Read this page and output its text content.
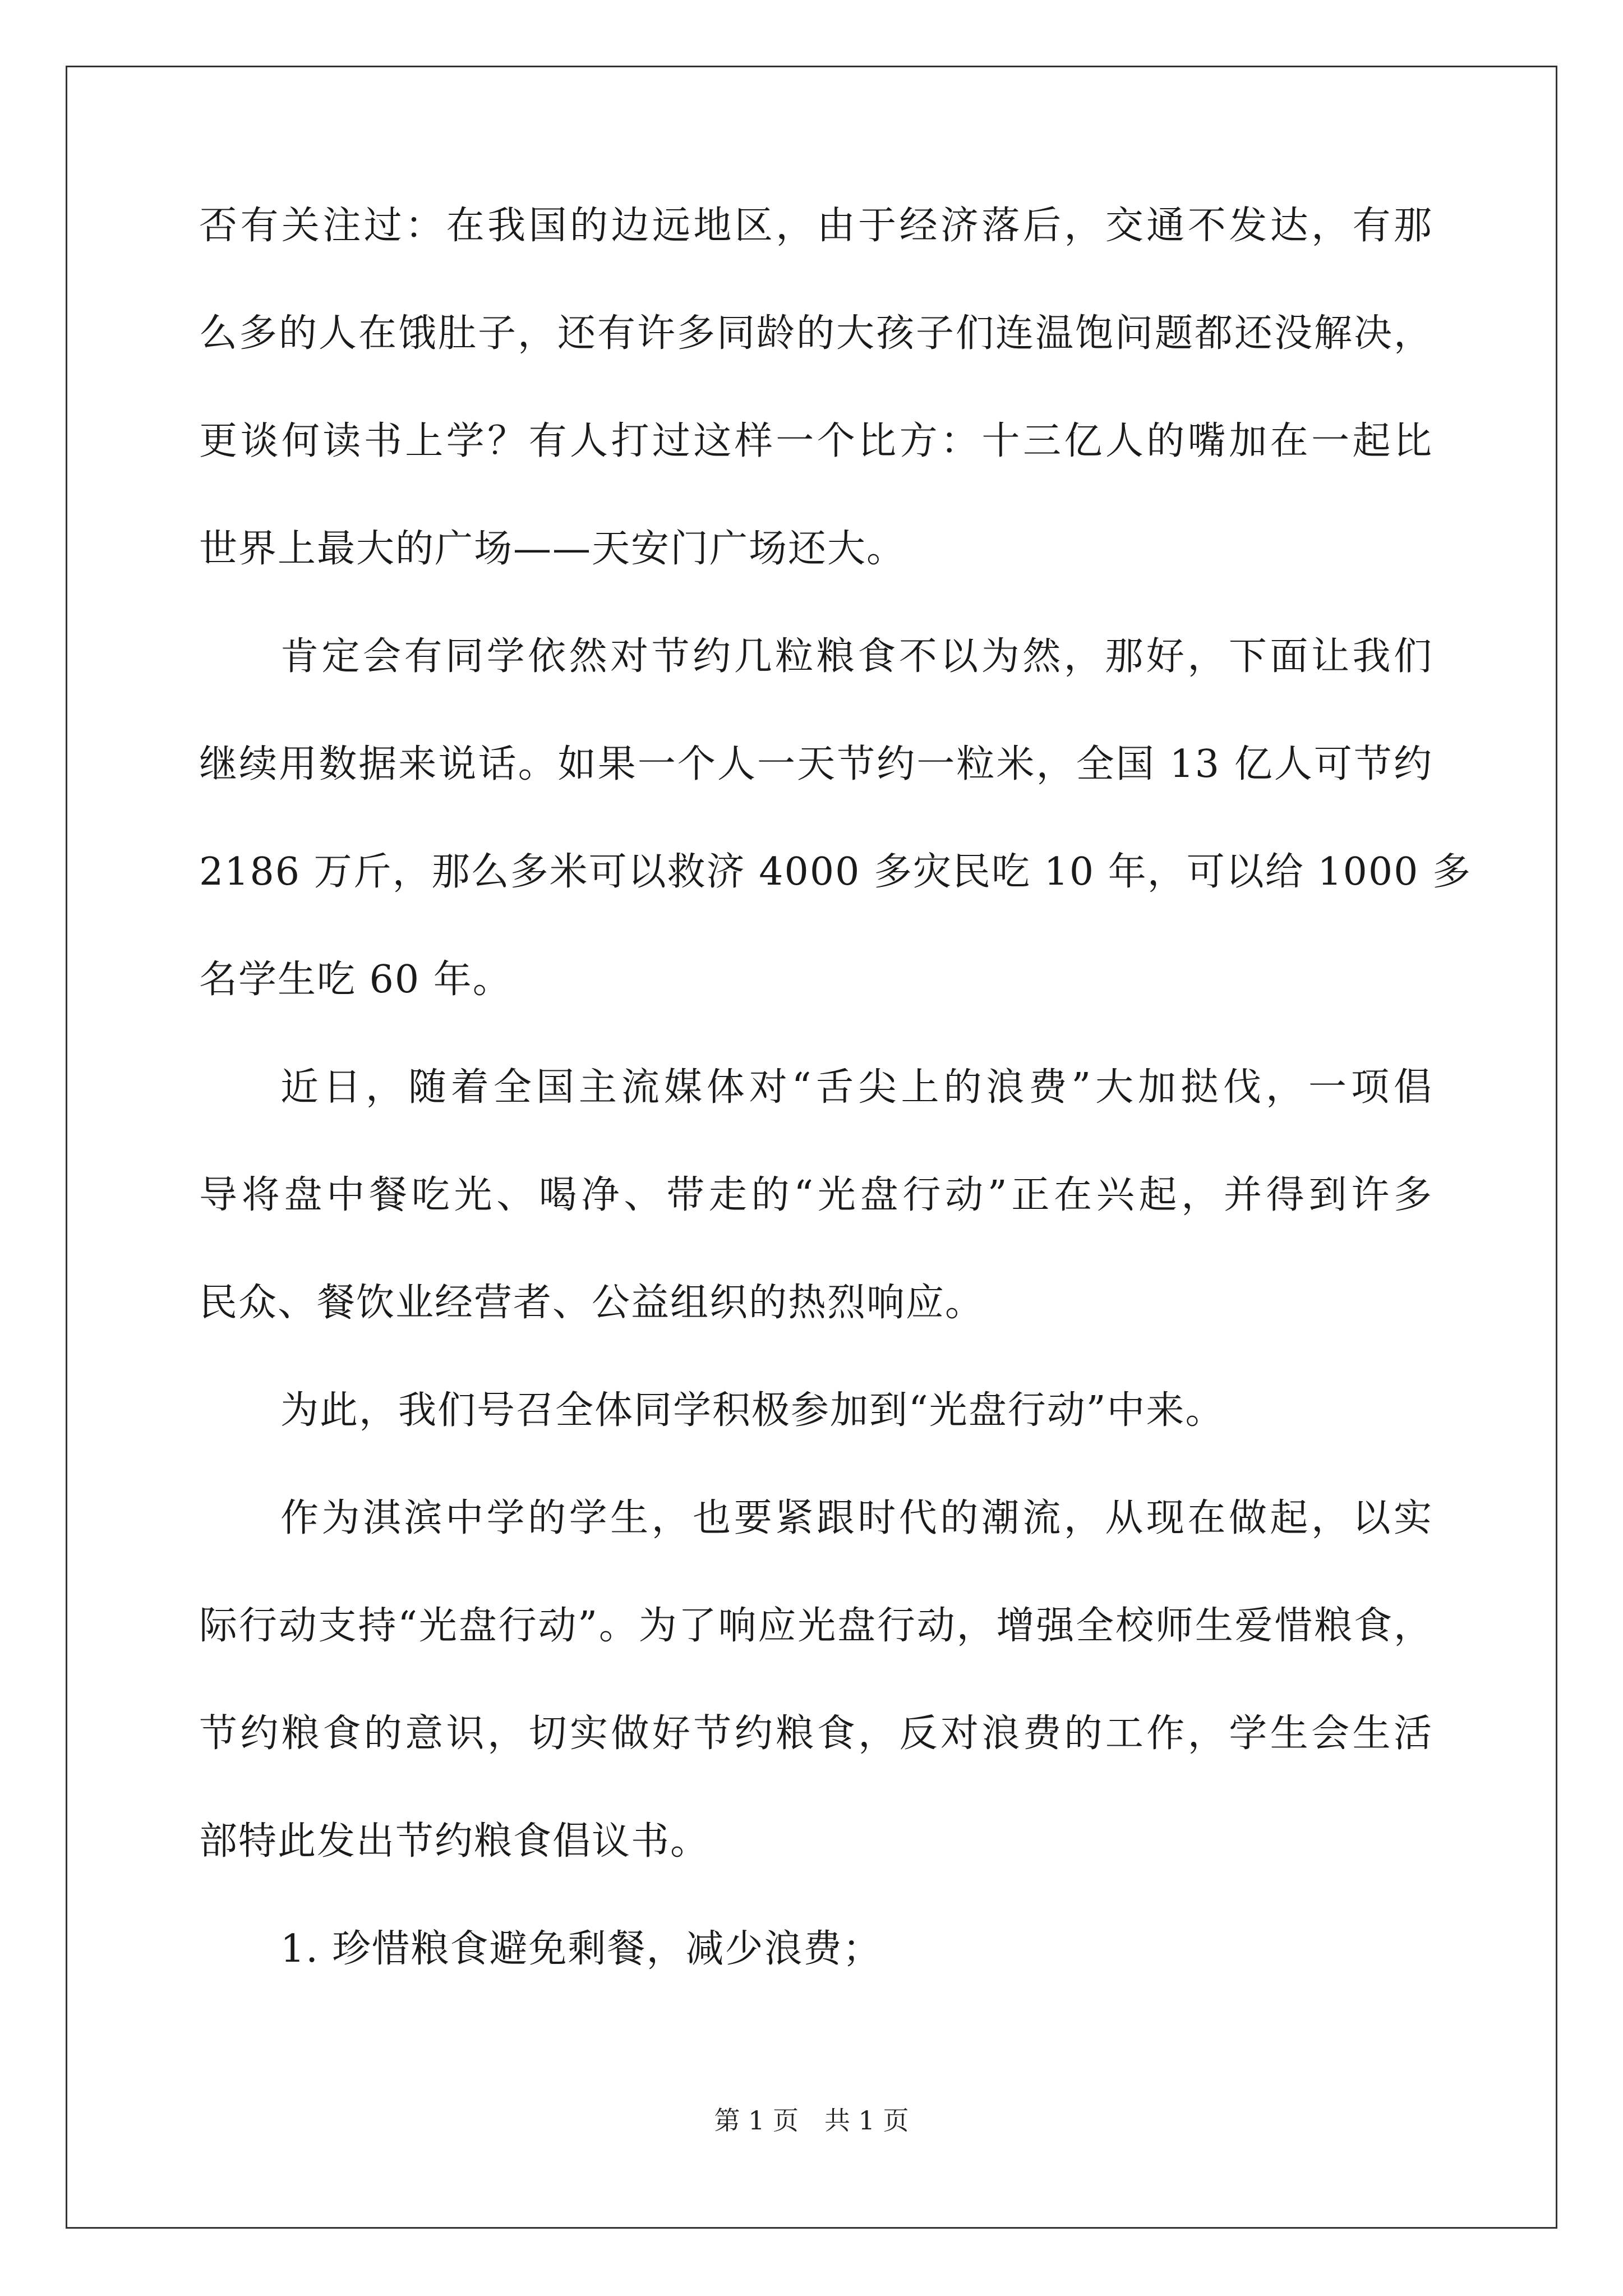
否有关注过：在我国的边远地区，由于经济落后，交通不发达，有那
么多的人在饿肚子，还有许多同龄的大孩子们连温饱问题都还没解决，
更谈何读书上学？有人打过这样一个比方：十三亿人的嘴加在一起比
世界上最大的广场——天安门广场还大。
肯定会有同学依然对节约几粒粮食不以为然，那好，下面让我们
继续用数据来说话。如果一个人一天节约一粒米，全国 13 亿人可节约
2186 万斤，那么多米可以救济 4000 多灾民吃 10 年，可以给 1000 多
名学生吃 60 年。
近日，随着全国主流媒体对“舌尖上的浪费”大加挞伐，一项倡
导将盘中餐吃光、喝净、带走的“光盘行动”正在兴起，并得到许多
民众、餐饮业经营者、公益组织的热烈响应。
为此，我们号召全体同学积极参加到“光盘行动”中来。
作为淇滨中学的学生，也要紧跟时代的潮流，从现在做起，以实
际行动支持“光盘行动”。为了响应光盘行动，增强全校师生爱惜粮食，
节约粮食的意识，切实做好节约粮食，反对浪费的工作，学生会生活
部特此发出节约粮食倡议书。
1. 珍惜粮食避免剩餐，减少浪费；
第 1 页　共 1 页
